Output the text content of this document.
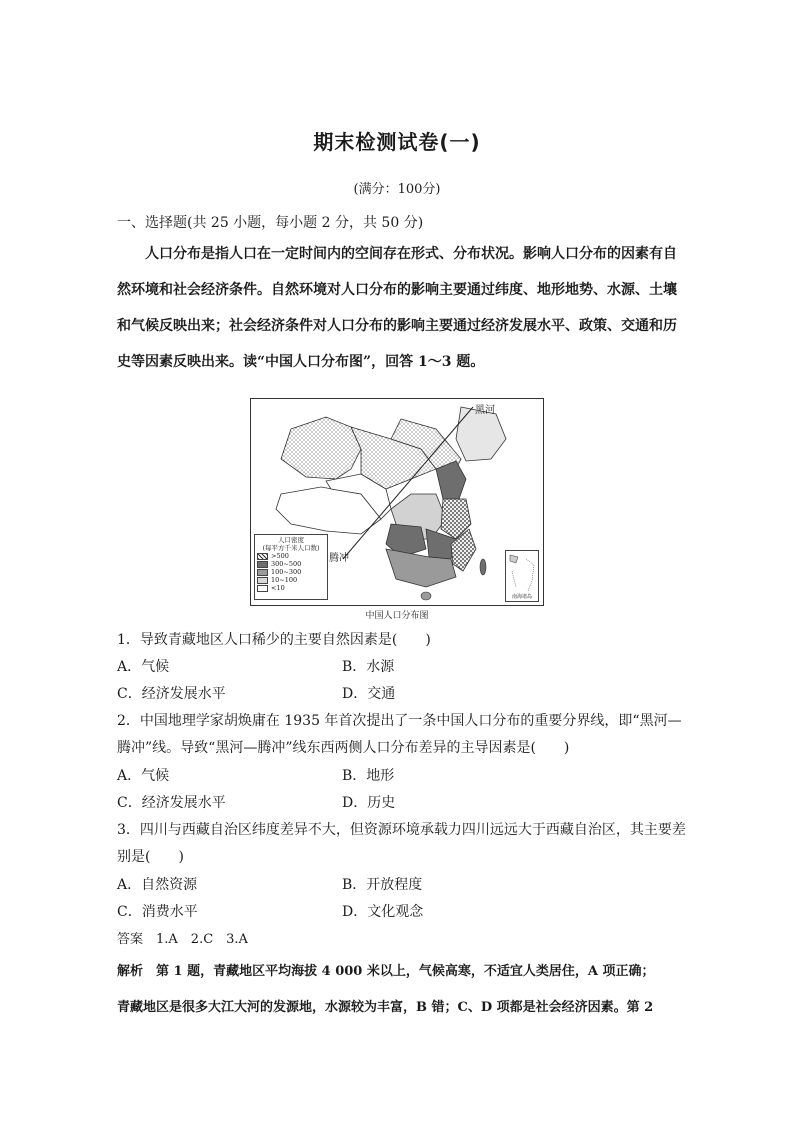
期末检测试卷(一)
(满分：100分)
一、选择题(共 25 小题，每小题 2 分，共 50 分)
人口分布是指人口在一定时间内的空间存在形式、分布状况。影响人口分布的因素有自
然环境和社会经济条件。自然环境对人口分布的影响主要通过纬度、地形地势、水源、土壤
和气候反映出来；社会经济条件对人口分布的影响主要通过经济发展水平、政策、交通和历
史等因素反映出来。读“中国人口分布图”，回答 1～3 题。
黑河
腾冲
人口密度
(每平方千米人口数)
>500
300~500
100~300
10~100
<10
南海诸岛
中国人口分布图
1．导致青藏地区人口稀少的主要自然因素是(　　)
A．气候	B．水源
C．经济发展水平	D．交通
2．中国地理学家胡焕庸在 1935 年首次提出了一条中国人口分布的重要分界线，即“黑河—
腾冲”线。导致“黑河—腾冲”线东西两侧人口分布差异的主导因素是(　　)
A．气候	B．地形
C．经济发展水平	D．历史
3．四川与西藏自治区纬度差异不大，但资源环境承载力四川远远大于西藏自治区，其主要差
别是(　　)
A．自然资源	B．开放程度
C．消费水平	D．文化观念
答案　1.A　2.C　3.A
解析　第 1 题，青藏地区平均海拔 4 000 米以上，气候高寒，不适宜人类居住，A 项正确；
青藏地区是很多大江大河的发源地，水源较为丰富，B 错；C、D 项都是社会经济因素。第 2
